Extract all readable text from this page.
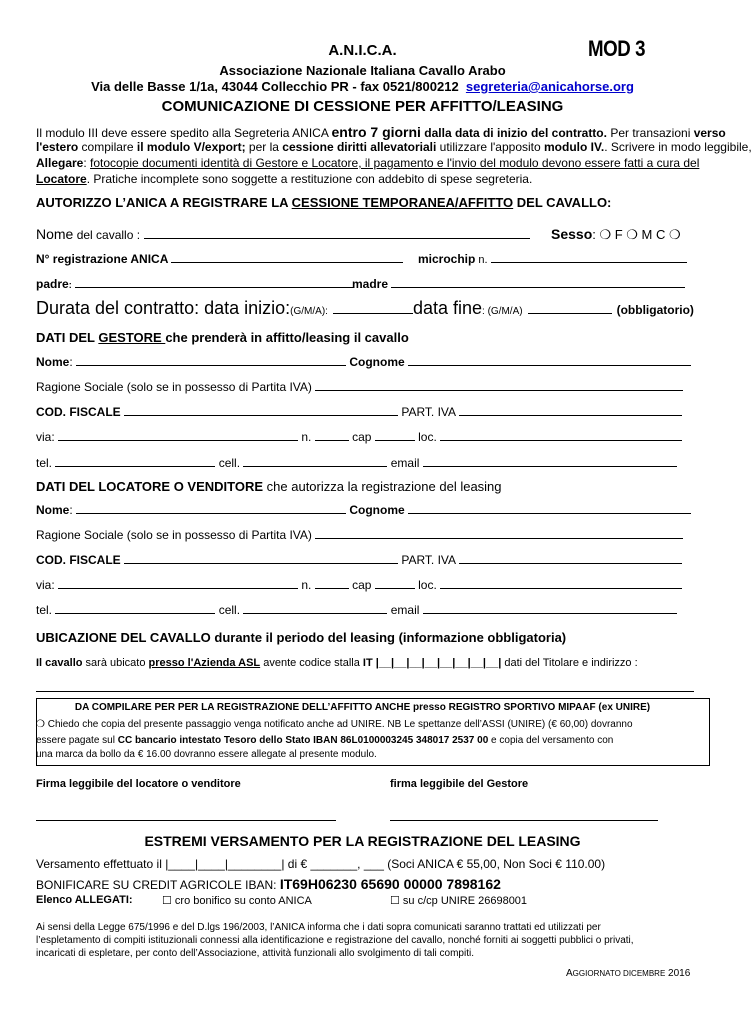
MOD 3
A.N.I.C.A.
Associazione Nazionale Italiana Cavallo Arabo
Via delle Basse 1/1a, 43044 Collecchio PR - fax 0521/800212 segreteria@anicahorse.org
COMUNICAZIONE DI CESSIONE PER AFFITTO/LEASING
Il modulo III deve essere spedito alla Segreteria ANICA entro 7 giorni dalla data di inizio del contratto. Per transazioni verso
l'estero compilare il modulo V/export; per la cessione diritti allevatoriali utilizzare l'apposito modulo IV.. Scrivere in modo leggibile,
Allegare: fotocopie documenti identità di Gestore e Locatore, il pagamento e l'invio del modulo devono essere fatti a cura del
Locatore. Pratiche incomplete sono soggette a restituzione con addebito di spese segreteria.
AUTORIZZO L’ANICA A REGISTRARE LA CESSIONE TEMPORANEA/AFFITTO DEL CAVALLO:
Nome del cavallo :	Sesso: ❍ F ❍ M C ❍
N° registrazione ANICA	microchip n.
padre:	madre
Durata del contratto: data inizio:(G/M/A):	data fine: (G/M/A)	(obbligatorio)
DATI DEL GESTORE che prenderà in affitto/leasing il cavallo
Nome:	Cognome
Ragione Sociale (solo se in possesso di Partita IVA)
COD. FISCALE	PART. IVA
via:	n.	cap	loc.
tel.	cell.	email
DATI DEL LOCATORE O VENDITORE che autorizza la registrazione del leasing
Nome:	Cognome
Ragione Sociale (solo se in possesso di Partita IVA)
COD. FISCALE	PART. IVA
via:	n.	cap	loc.
tel.	cell.	email
UBICAZIONE DEL CAVALLO durante il periodo del leasing (informazione obbligatoria)
Il cavallo sarà ubicato presso l'Azienda ASL avente codice stalla IT |__|__|__|__|__|__|__|__| dati del Titolare e indirizzo :
DA COMPILARE PER PER LA REGISTRAZIONE DELL’AFFITTO ANCHE presso REGISTRO SPORTIVO MIPAAF (ex UNIRE)
❍ Chiedo che copia del presente passaggio venga notificato anche ad UNIRE. NB Le spettanze dell’ASSI (UNIRE) (€ 60,00) dovranno
essere pagate sul CC bancario intestato Tesoro dello Stato IBAN 86L0100003245 348017 2537 00 e copia del versamento con
una marca da bollo da € 16.00 dovranno essere allegate al presente modulo.
Firma leggibile del locatore o venditore	firma leggibile del Gestore
ESTREMI VERSAMENTO PER LA REGISTRAZIONE DEL LEASING
Versamento effettuato il |____|____|________| di € _______, ___ (Soci ANICA € 55,00, Non Soci € 110.00)
BONIFICARE SU CREDIT AGRICOLE IBAN: IT69H06230 65690 00000 7898162
Elenco ALLEGATI:	☐ cro bonifico su conto ANICA	☐ su c/cp UNIRE 26698001
Ai sensi della Legge 675/1996 e del D.lgs 196/2003, l’ANICA informa che i dati sopra comunicati saranno trattati ed utilizzati per
l’espletamento di compiti istituzionali connessi alla identificazione e registrazione del cavallo, nonché forniti ai soggetti pubblici o privati,
incaricati di espletare, per conto dell’Associazione, attività funzionali allo svolgimento di tali compiti.
AGGIORNATO DICEMBRE 2016
